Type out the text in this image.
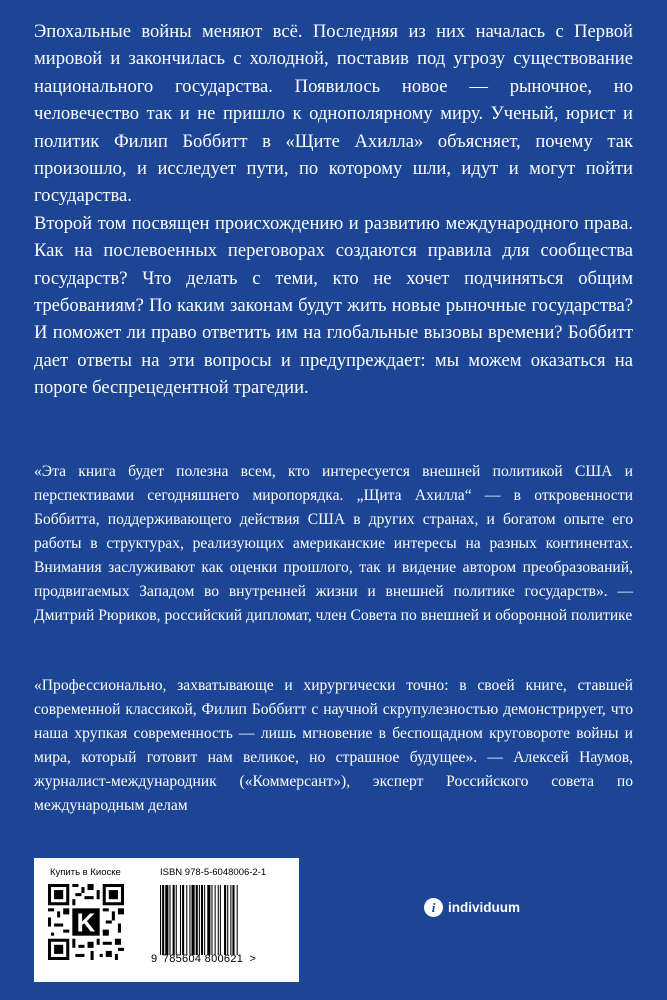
Эпохальные войны меняют всё. Последняя из них началась с Первой мировой и закончилась с холодной, поставив под угрозу существование национального государства. Появилось новое — рыночное, но человечество так и не пришло к однополярному миру. Ученый, юрист и политик Филип Боббитт в «Щите Ахилла» объясняет, почему так произошло, и исследует пути, по которому шли, идут и могут пойти государства.

Второй том посвящен происхождению и развитию международного права. Как на послевоенных переговорах создаются правила для сообщества государств? Что делать с теми, кто не хочет подчиняться общим требованиям? По каким законам будут жить новые рыночные государства? И поможет ли право ответить им на глобальные вызовы времени? Боббитт дает ответы на эти вопросы и предупреждает: мы можем оказаться на пороге беспрецедентной трагедии.

«Эта книга будет полезна всем, кто интересуется внешней политикой США и перспективами сегодняшнего миропорядка. „Щита Ахилла“ — в откровенности Боббитта, поддерживающего действия США в других странах, и богатом опыте его работы в структурах, реализующих американские интересы на разных континентах. Внимания заслуживают как оценки прошлого, так и видение автором преобразований, продвигаемых Западом во внутренней жизни и внешней политике государств». — Дмитрий Рюриков, российский дипломат, член Совета по внешней и оборонной политике

«Профессионально, захватывающе и хирургически точно: в своей книге, ставшей современной классикой, Филип Боббитт с научной скрупулезностью демонстрирует, что наша хрупкая современность — лишь мгновение в беспощадном круговороте войны и мира, который готовит нам великое, но страшное будущее». — Алексей Наумов, журналист-международник («Коммерсант»), эксперт Российского совета по международным делам

Купить в Киоске	ISBN 978-5-6048006-2-1
K
9 785604 800621 >
i individuum
